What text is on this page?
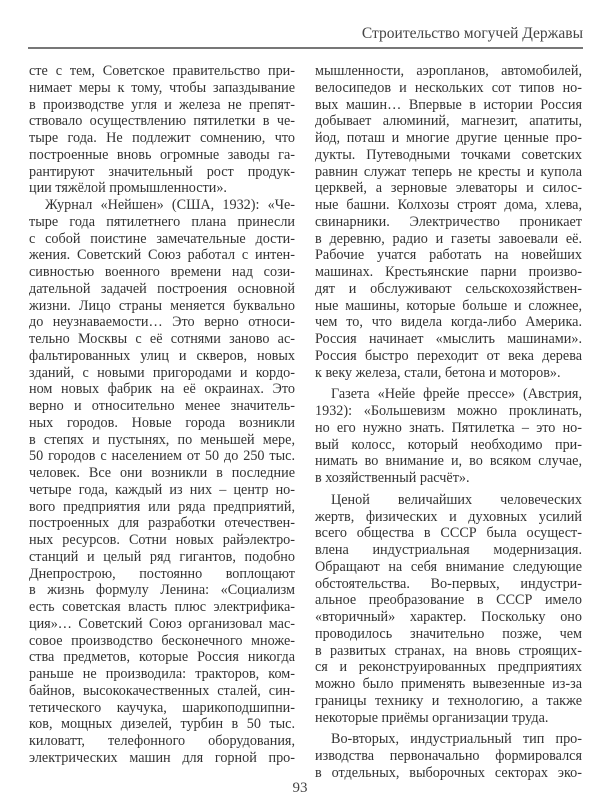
Строительство могучей Державы
сте с тем, Советское правительство при-
нимает меры к тому, чтобы запаздывание
в производстве угля и железа не препят-
ствовало осуществлению пятилетки в че-
тыре года. Не подлежит сомнению, что
построенные вновь огромные заводы га-
рантируют значительный рост продук-
ции тяжёлой промышленности».
Журнал «Нейшен» (США, 1932): «Че-
тыре года пятилетнего плана принесли
с собой поистине замечательные дости-
жения. Советский Союз работал с интен-
сивностью военного времени над сози-
дательной задачей построения основной
жизни. Лицо страны меняется буквально
до неузнаваемости… Это верно относи-
тельно Москвы с её сотнями заново ас-
фальтированных улиц и скверов, новых
зданий, с новыми пригородами и кордо-
ном новых фабрик на её окраинах. Это
верно и относительно менее значитель-
ных городов. Новые города возникли
в степях и пустынях, по меньшей мере,
50 городов с населением от 50 до 250 тыс.
человек. Все они возникли в последние
четыре года, каждый из них – центр но-
вого предприятия или ряда предприятий,
построенных для разработки отечествен-
ных ресурсов. Сотни новых райэлектро-
станций и целый ряд гигантов, подобно
Днепрострою, постоянно воплощают
в жизнь формулу Ленина: «Социализм
есть советская власть плюс электрифика-
ция»… Советский Союз организовал мас-
совое производство бесконечного множе-
ства предметов, которые Россия никогда
раньше не производила: тракторов, ком-
байнов, высококачественных сталей, син-
тетического каучука, шарикоподшипни-
ков, мощных дизелей, турбин в 50 тыс.
киловатт, телефонного оборудования,
электрических машин для горной про-
мышленности, аэропланов, автомобилей,
велосипедов и нескольких сот типов но-
вых машин… Впервые в истории Россия
добывает алюминий, магнезит, апатиты,
йод, поташ и многие другие ценные про-
дукты. Путеводными точками советских
равнин служат теперь не кресты и купола
церквей, а зерновые элеваторы и силос-
ные башни. Колхозы строят дома, хлева,
свинарники. Электричество проникает
в деревню, радио и газеты завоевали её.
Рабочие учатся работать на новейших
машинах. Крестьянские парни произво-
дят и обслуживают сельскохозяйствен-
ные машины, которые больше и сложнее,
чем то, что видела когда-либо Америка.
Россия начинает «мыслить машинами».
Россия быстро переходит от века дерева
к веку железа, стали, бетона и моторов».
Газета «Нейе фрейе прессе» (Австрия,
1932): «Большевизм можно проклинать,
но его нужно знать. Пятилетка – это но-
вый колосс, который необходимо при-
нимать во внимание и, во всяком случае,
в хозяйственный расчёт».
Ценой величайших человеческих
жертв, физических и духовных усилий
всего общества в СССР была осущест-
влена индустриальная модернизация.
Обращают на себя внимание следующие
обстоятельства. Во-первых, индустри-
альное преобразование в СССР имело
«вторичный» характер. Поскольку оно
проводилось значительно позже, чем
в развитых странах, на вновь строящих-
ся и реконструированных предприятиях
можно было применять вывезенные из-за
границы технику и технологию, а также
некоторые приёмы организации труда.
Во-вторых, индустриальный тип про-
изводства первоначально формировался
в отдельных, выборочных секторах эко-
93
